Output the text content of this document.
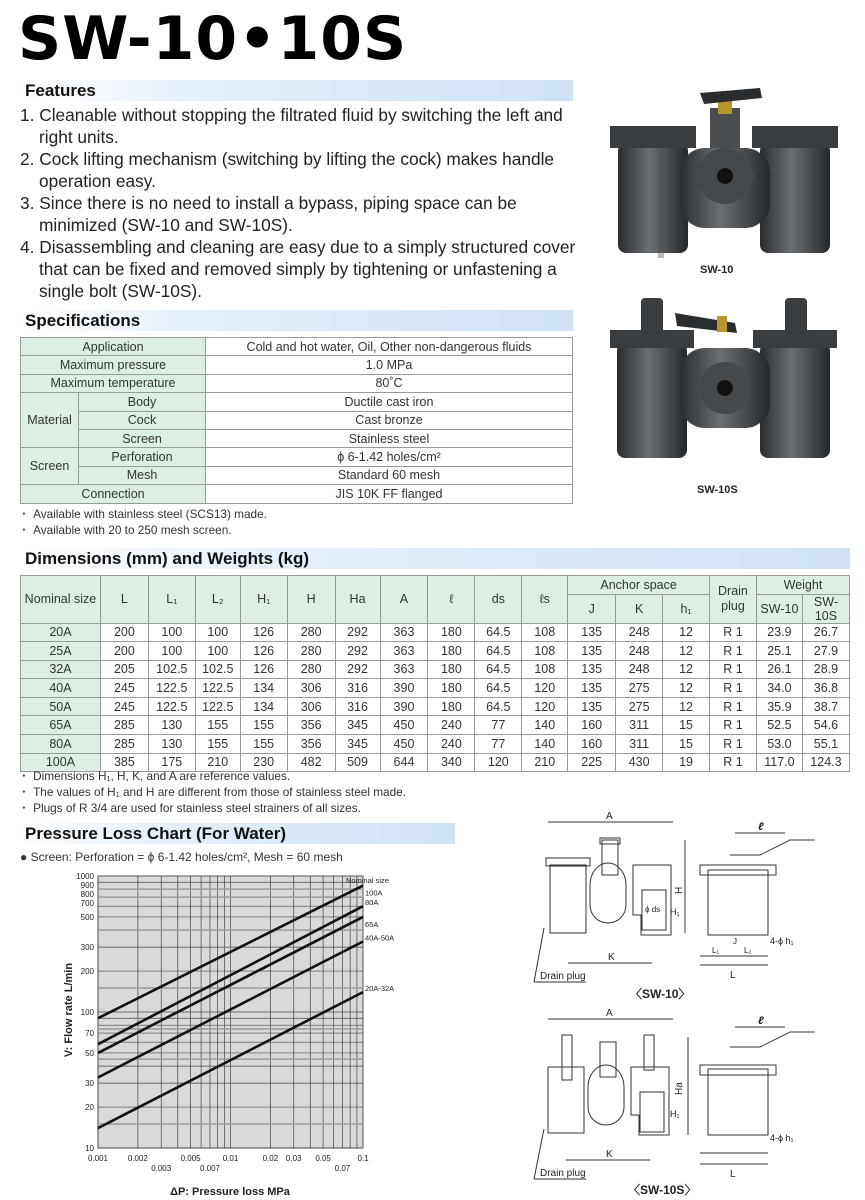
SW-10•10S
Features
1. Cleanable without stopping the filtrated fluid by switching the left and right units.
2. Cock lifting mechanism (switching by lifting the cock) makes handle operation easy.
3. Since there is no need to install a bypass, piping space can be minimized (SW-10 and SW-10S).
4. Disassembling and cleaning are easy due to a simply structured cover that can be fixed and removed simply by tightening or unfastening a single bolt (SW-10S).
SW-10
SW-10S
Specifications
Application		Cold and hot water, Oil, Other non-dangerous fluids
Maximum pressure		1.0 MPa
Maximum temperature		80˚C
Material	Body	Ductile cast iron
	Cock	Cast bronze
	Screen	Stainless steel
Screen	Perforation	ϕ 6-1.42 holes/cm²
	Mesh	Standard 60 mesh
Connection		JIS 10K FF flanged
・ Available with stainless steel (SCS13) made.
・ Available with 20 to 250 mesh screen.
Dimensions (mm) and Weights (kg)
Nominal size	L	L₁	L₂	H₁	H	Ha	A	ℓ	ds	ℓs	Anchor space			Drain plug	Weight	
											J	K	h₁		SW-10	SW-10S
20A	200	100	100	126	280	292	363	180	64.5	108	135	248	12	R 1	23.9	26.7
25A	200	100	100	126	280	292	363	180	64.5	108	135	248	12	R 1	25.1	27.9
32A	205	102.5	102.5	126	280	292	363	180	64.5	108	135	248	12	R 1	26.1	28.9
40A	245	122.5	122.5	134	306	316	390	180	64.5	120	135	275	12	R 1	34.0	36.8
50A	245	122.5	122.5	134	306	316	390	180	64.5	120	135	275	12	R 1	35.9	38.7
65A	285	130	155	155	356	345	450	240	77	140	160	311	15	R 1	52.5	54.6
80A	285	130	155	155	356	345	450	240	77	140	160	311	15	R 1	53.0	55.1
100A	385	175	210	230	482	509	644	340	120	210	225	430	19	R 1	117.0	124.3
・ Dimensions H₁, H, K, and A are reference values.
・ The values of H₁ and H are different from those of stainless steel made.
・ Plugs of R 3/4 are used for stainless steel strainers of all sizes.
Pressure Loss Chart (For Water)
● Screen: Perforation = ϕ 6-1.42 holes/cm², Mesh = 60 mesh
0.001 0.002
0.003
0.005
0.007
0.01	0.02 0.03 0.05
0.07
0.1
1000
900
800
700
500
300
200
100
70
50
30
20
10
ΔP: Pressure loss MPa
V: Flow rate L/min
Nominal size
100A
80A
65A
40A-50A
20A-32A
A
K
H
H₁
ϕ ds
ℓ
L
L₁	L₂
J	4-ϕ h₁
Drain plug
〈SW-10〉
A
K
Ha
H₁
ℓ
L
4-ϕ h₁
Drain plug
〈SW-10S〉
